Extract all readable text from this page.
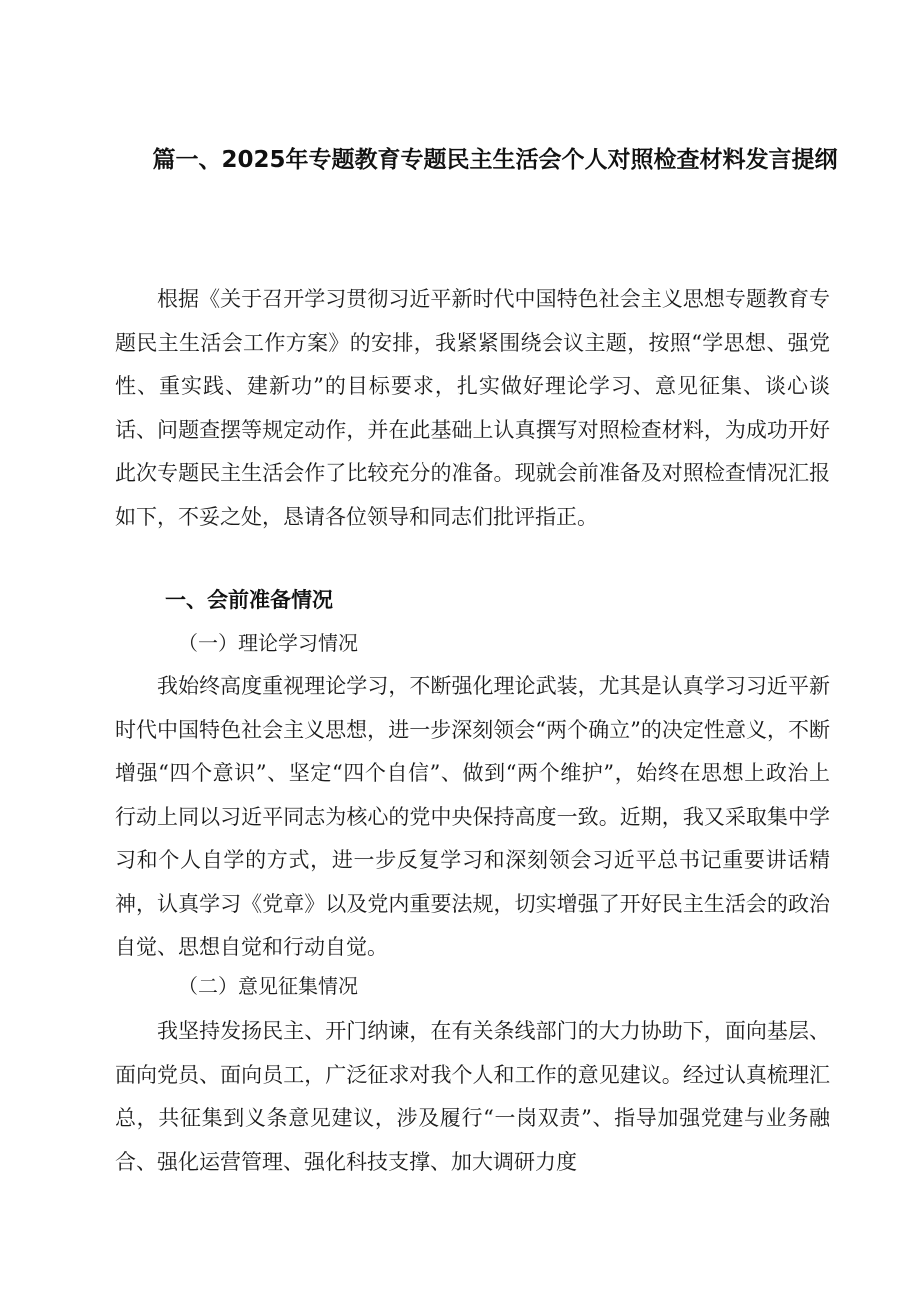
篇一、2025年专题教育专题民主生活会个人对照检查材料发言提纲

根据《关于召开学习贯彻习近平新时代中国特色社会主义思想专题教育专题民主生活会工作方案》的安排，我紧紧围绕会议主题，按照“学思想、强党性、重实践、建新功”的目标要求，扎实做好理论学习、意见征集、谈心谈话、问题查摆等规定动作，并在此基础上认真撰写对照检查材料，为成功开好此次专题民主生活会作了比较充分的准备。现就会前准备及对照检查情况汇报如下，不妥之处，恳请各位领导和同志们批评指正。

一、会前准备情况
（一）理论学习情况

我始终高度重视理论学习，不断强化理论武装，尤其是认真学习习近平新时代中国特色社会主义思想，进一步深刻领会“两个确立”的决定性意义，不断增强“四个意识”、坚定“四个自信”、做到“两个维护”，始终在思想上政治上行动上同以习近平同志为核心的党中央保持高度一致。近期，我又采取集中学习和个人自学的方式，进一步反复学习和深刻领会习近平总书记重要讲话精神，认真学习《党章》以及党内重要法规，切实增强了开好民主生活会的政治自觉、思想自觉和行动自觉。

（二）意见征集情况

我坚持发扬民主、开门纳谏，在有关条线部门的大力协助下，面向基层、面向党员、面向员工，广泛征求对我个人和工作的意见建议。经过认真梳理汇总，共征集到义条意见建议，涉及履行“一岗双责”、指导加强党建与业务融合、强化运营管理、强化科技支撑、加大调研力度
